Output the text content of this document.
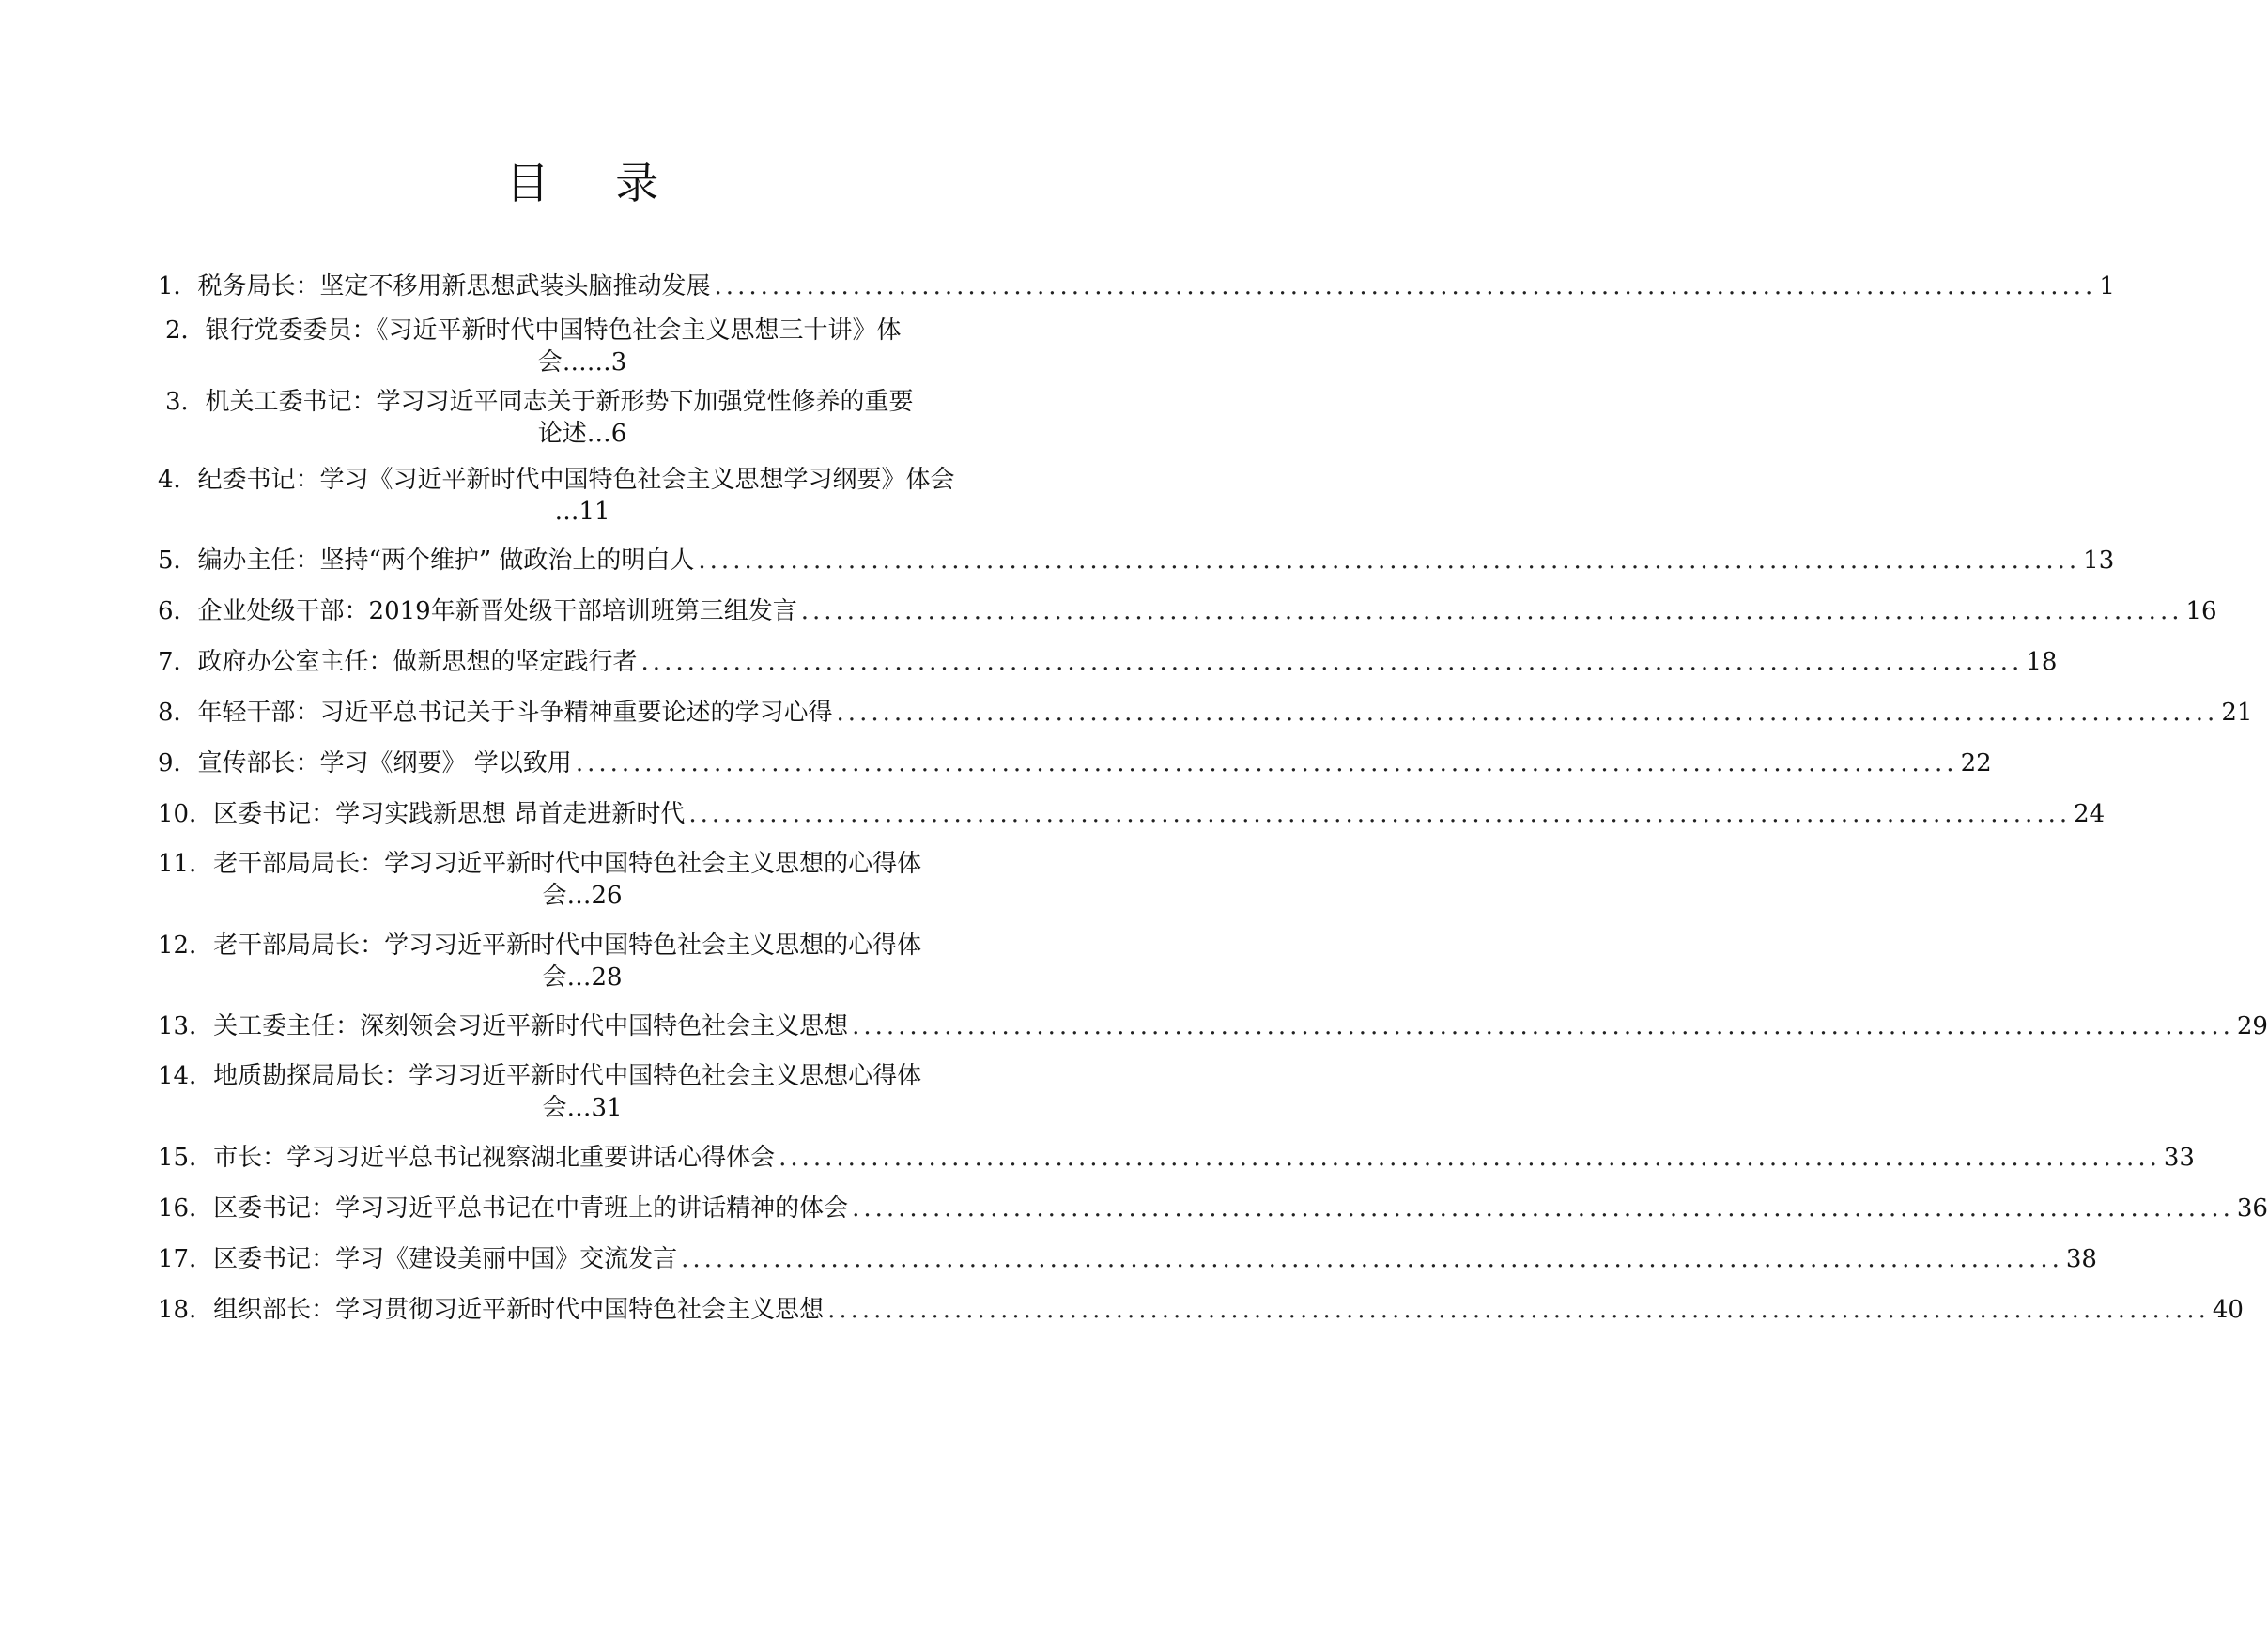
目 录
1．税务局长：坚定不移用新思想武装头脑推动发展 ........................................................................................................................ 1
2．银行党委委员：《习近平新时代中国特色社会主义思想三十讲》体
会……3
3．机关工委书记：学习习近平同志关于新形势下加强党性修养的重要
论述…6
4．纪委书记：学习《习近平新时代中国特色社会主义思想学习纲要》体会
…11
5．编办主任：坚持“两个维护” 做政治上的明白人 ........................................................................................................................ 13
6．企业处级干部：2019年新晋处级干部培训班第三组发言 ........................................................................................................................ 16
7．政府办公室主任：做新思想的坚定践行者 ........................................................................................................................ 18
8．年轻干部：习近平总书记关于斗争精神重要论述的学习心得 ........................................................................................................................ 21
9．宣传部长：学习《纲要》 学以致用 ........................................................................................................................ 22
10．区委书记：学习实践新思想 昂首走进新时代 ........................................................................................................................ 24
11．老干部局局长：学习习近平新时代中国特色社会主义思想的心得体
会…26
12．老干部局局长：学习习近平新时代中国特色社会主义思想的心得体
会…28
13．关工委主任：深刻领会习近平新时代中国特色社会主义思想 ........................................................................................................................ 29
14．地质勘探局局长：学习习近平新时代中国特色社会主义思想心得体
会…31
15．市长：学习习近平总书记视察湖北重要讲话心得体会 ........................................................................................................................ 33
16．区委书记：学习习近平总书记在中青班上的讲话精神的体会 ........................................................................................................................ 36
17．区委书记：学习《建设美丽中国》交流发言 ........................................................................................................................ 38
18．组织部长：学习贯彻习近平新时代中国特色社会主义思想 ........................................................................................................................ 40
